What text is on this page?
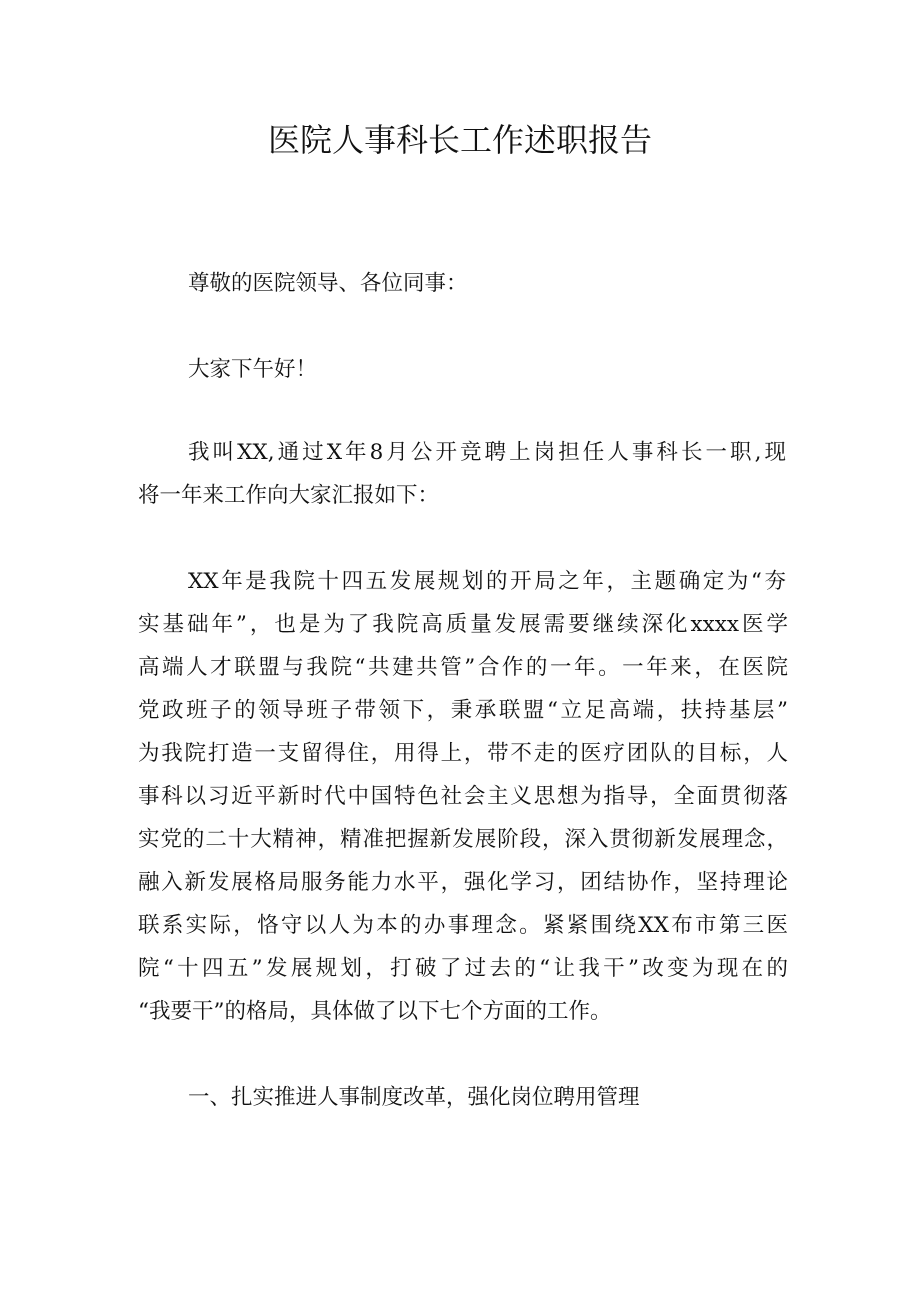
医院人事科长工作述职报告
尊敬的医院领导、各位同事：
大家下午好！
我叫XX,通过X年8月公开竞聘上岗担任人事科长一职,现
将一年来工作向大家汇报如下：
XX年是我院十四五发展规划的开局之年，主题确定为“夯
实基础年”，也是为了我院高质量发展需要继续深化xxxx医学
高端人才联盟与我院“共建共管”合作的一年。一年来，在医院
党政班子的领导班子带领下，秉承联盟“立足高端，扶持基层”
为我院打造一支留得住，用得上，带不走的医疗团队的目标，人
事科以习近平新时代中国特色社会主义思想为指导，全面贯彻落
实党的二十大精神，精准把握新发展阶段，深入贯彻新发展理念，
融入新发展格局服务能力水平，强化学习，团结协作，坚持理论
联系实际，恪守以人为本的办事理念。紧紧围绕XX布市第三医
院“十四五”发展规划，打破了过去的“让我干”改变为现在的
“我要干”的格局，具体做了以下七个方面的工作。
一、扎实推进人事制度改革，强化岗位聘用管理
